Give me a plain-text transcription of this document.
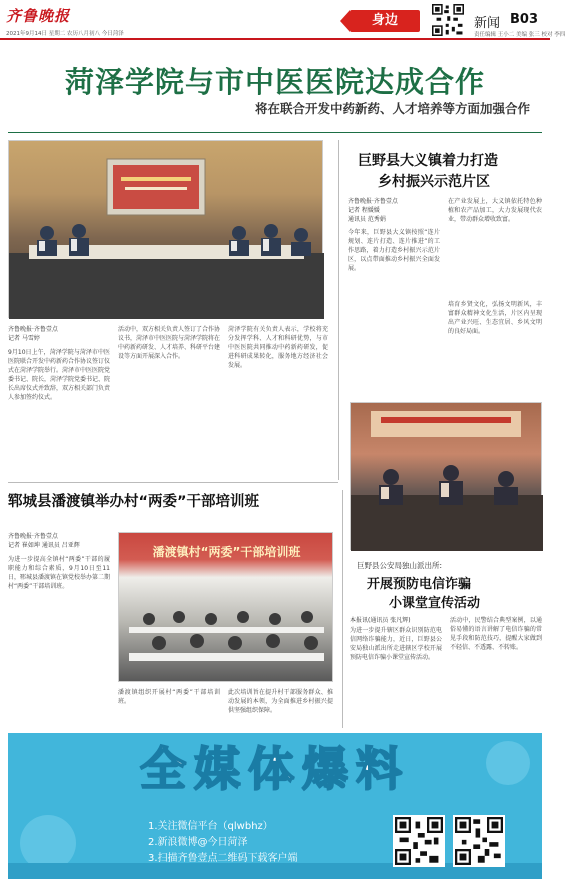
齐鲁晚报
2021年9月14日 星期二 农历八月初八 今日菏泽
身边	新闻 B03
责任编辑 王小二 美编 张三 校对 李四
菏泽学院与市中医医院达成合作
将在联合开发中药新药、人才培养等方面加强合作
齐鲁晚报·齐鲁壹点
记者 马雪婷
9月10日上午，菏泽学院与菏泽市中医医院联合开发中药新药合作协议签订仪式在菏泽学院举行。菏泽市中医医院党委书记、院长，菏泽学院党委书记、院长出席仪式并致辞，双方相关部门负责人参加签约仪式。
活动中，双方相关负责人签订了合作协议书，菏泽市中医医院与菏泽学院将在中药新药研发、人才培养、科研平台建设等方面开展深入合作。
菏泽学院有关负责人表示，学校将充分发挥学科、人才和科研优势，与市中医医院共同推动中药新药研发，促进科研成果转化，服务地方经济社会发展。
巨野县大义镇着力打造
乡村振兴示范片区
齐鲁晚报·齐鲁壹点
记者 程媛媛
通讯员 范秀娟
今年来，巨野县大义镇按照“连片规划、连片打造、连片推进”的工作思路，着力打造乡村振兴示范片区，以点带面推动乡村振兴全面发展。
在产业发展上，大义镇依托特色种植和农产品加工，大力发展现代农业，带动群众增收致富。
培育乡贤文化，弘扬文明新风，丰富群众精神文化生活，片区内呈现出产业兴旺、生态宜居、乡风文明的良好局面。
郓城县潘渡镇举办村“两委”干部培训班
齐鲁晚报·齐鲁壹点
记者 崔如坤 通讯员 吕亚辉
为进一步提高全镇村“两委”干部的履职能力和综合素质，9月10日至11日，郓城县潘渡镇在镇党校举办第二期村“两委”干部培训班。
潘渡镇村“两委”干部培训班
潘渡镇组织开展村“两委”干部培训班。
此次培训旨在提升村干部服务群众、推动发展的本领，为全面推进乡村振兴提供坚强组织保障。
巨野县公安局独山派出所:
开展预防电信诈骗
小课堂宣传活动
本报讯(通讯员 张凡辉)
为进一步提升辖区群众识别防范电信网络诈骗能力，近日，巨野县公安局独山派出所走进辖区学校开展预防电信诈骗小课堂宣传活动。
活动中，民警结合典型案例，以通俗易懂的语言讲解了电信诈骗的常见手段和防范技巧，提醒大家做到不轻信、不透露、不转账。
全媒体爆料
1.关注微信平台（qlwbhz）
2.新浪微博@今日菏泽
3.扫描齐鲁壹点二维码下载客户端
